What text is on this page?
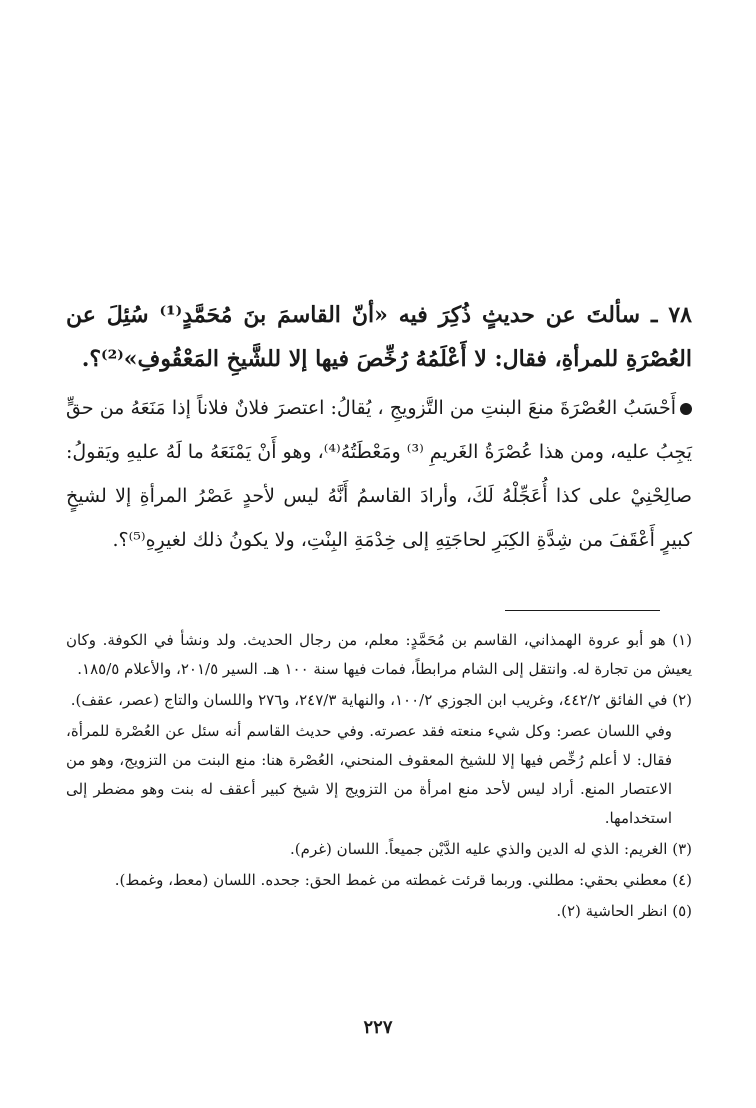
٧٨ ـ سألتَ عن حديثٍ ذُكِرَ فيه «أنّ القاسمَ بنَ مُحَمَّدٍ⁽¹⁾ سُئِلَ عن العُصْرَةِ للمرأةِ، فقال: لا أَعْلَمُهُ رُخِّصَ فيها إلا للشَّيخِ المَعْقُوفِ»⁽²⁾؟.
أَحْسَبُ العُصْرَةَ منعَ البنتِ من التَّزويجِ ، يُقالُ: اعتصرَ فلانٌ فلاناً إذا مَنَعَهُ من حقٍّ يَجِبُ عليه، ومن هذا عُصْرَةُ الغَريمِ ⁽³⁾ ومَعْطَتُهُ⁽⁴⁾، وهو أَنْ يَمْنَعَهُ ما لَهُ عليهِ ويَقولُ: صالِحْنِيْ على كذا أُعَجِّلْهُ لَكَ، وأرادَ القاسمُ أَنَّهُ ليس لأحدٍ عَصْرُ المرأةِ إلا لشيخٍ كبيرٍ أَعْقَفَ من شِدَّةِ الكِبَرِ لحاجَتِهِ إلى خِدْمَةِ البِنْتِ، ولا يكونُ ذلك لغيرِهِ⁽⁵⁾؟.

(١) هو أبو عروة الهمذاني، القاسم بن مُحَمَّدٍ: معلم، من رجال الحديث. ولد ونشأ في الكوفة. وكان يعيش من تجارة له. وانتقل إلى الشام مرابطاً، فمات فيها سنة ١٠٠ هـ. السير ٢٠١/٥، والأعلام ١٨٥/٥.

(٢) في الفائق ٤٤٢/٢، وغريب ابن الجوزي ١٠٠/٢، والنهاية ٢٤٧/٣، و٢٧٦ واللسان والتاج (عصر، عقف).

وفي اللسان عصر: وكل شيء منعته فقد عصرته. وفي حديث القاسم أنه سئل عن العُصْرة للمرأة، فقال: لا أعلم رُخِّص فيها إلا للشيخ المعقوف المنحني، العُصْرة هنا: منع البنت من التزويج، وهو من الاعتصار المنع. أراد ليس لأحد منع امرأة من التزويج إلا شيخ كبير أعقف له بنت وهو مضطر إلى استخدامها.

(٣) الغريم: الذي له الدين والذي عليه الدَّيْن جميعاً. اللسان (غرم).

(٤) معطني بحقي: مطلني. وربما قرئت غمطته من غمط الحق: جحده. اللسان (معط، وغمط).

(٥) انظر الحاشية (٢).

٢٢٧
